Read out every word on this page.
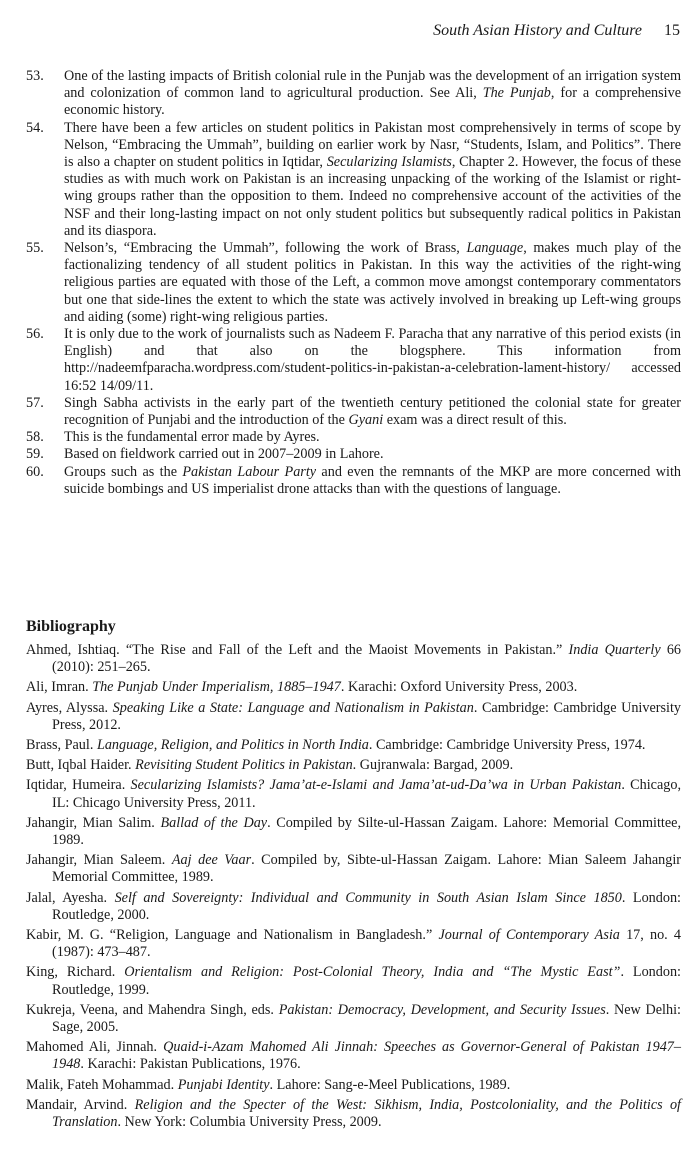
South Asian History and Culture 15
53.	One of the lasting impacts of British colonial rule in the Punjab was the development of an irrigation system and colonization of common land to agricultural production. See Ali, The Punjab, for a comprehensive economic history.
54.	There have been a few articles on student politics in Pakistan most comprehensively in terms of scope by Nelson, “Embracing the Ummah”, building on earlier work by Nasr, “Students, Islam, and Politics”. There is also a chapter on student politics in Iqtidar, Secularizing Islamists, Chapter 2. However, the focus of these studies as with much work on Pakistan is an increasing unpacking of the working of the Islamist or right-wing groups rather than the opposition to them. Indeed no comprehensive account of the activities of the NSF and their long-lasting impact on not only student politics but subsequently radical politics in Pakistan and its diaspora.
55.	Nelson’s, “Embracing the Ummah”, following the work of Brass, Language, makes much play of the factionalizing tendency of all student politics in Pakistan. In this way the activities of the right-wing religious parties are equated with those of the Left, a common move amongst contemporary commentators but one that side-lines the extent to which the state was actively involved in breaking up Left-wing groups and aiding (some) right-wing religious parties.
56.	It is only due to the work of journalists such as Nadeem F. Paracha that any narrative of this period exists (in English) and that also on the blogsphere. This information from http://nadeemfparacha.wordpress.com/student-politics-in-pakistan-a-celebration-lament-history/ accessed 16:52 14/09/11.
57.	Singh Sabha activists in the early part of the twentieth century petitioned the colonial state for greater recognition of Punjabi and the introduction of the Gyani exam was a direct result of this.
58.	This is the fundamental error made by Ayres.
59.	Based on fieldwork carried out in 2007–2009 in Lahore.
60.	Groups such as the Pakistan Labour Party and even the remnants of the MKP are more concerned with suicide bombings and US imperialist drone attacks than with the questions of language.
Bibliography
Ahmed, Ishtiaq. “The Rise and Fall of the Left and the Maoist Movements in Pakistan.” India Quarterly 66 (2010): 251–265.
Ali, Imran. The Punjab Under Imperialism, 1885–1947. Karachi: Oxford University Press, 2003.
Ayres, Alyssa. Speaking Like a State: Language and Nationalism in Pakistan. Cambridge: Cambridge University Press, 2012.
Brass, Paul. Language, Religion, and Politics in North India. Cambridge: Cambridge University Press, 1974.
Butt, Iqbal Haider. Revisiting Student Politics in Pakistan. Gujranwala: Bargad, 2009.
Iqtidar, Humeira. Secularizing Islamists? Jama’at-e-Islami and Jama’at-ud-Da’wa in Urban Pakistan. Chicago, IL: Chicago University Press, 2011.
Jahangir, Mian Salim. Ballad of the Day. Compiled by Silte-ul-Hassan Zaigam. Lahore: Memorial Committee, 1989.
Jahangir, Mian Saleem. Aaj dee Vaar. Compiled by, Sibte-ul-Hassan Zaigam. Lahore: Mian Saleem Jahangir Memorial Committee, 1989.
Jalal, Ayesha. Self and Sovereignty: Individual and Community in South Asian Islam Since 1850. London: Routledge, 2000.
Kabir, M. G. “Religion, Language and Nationalism in Bangladesh.” Journal of Contemporary Asia 17, no. 4 (1987): 473–487.
King, Richard. Orientalism and Religion: Post-Colonial Theory, India and “The Mystic East”. London: Routledge, 1999.
Kukreja, Veena, and Mahendra Singh, eds. Pakistan: Democracy, Development, and Security Issues. New Delhi: Sage, 2005.
Mahomed Ali, Jinnah. Quaid-i-Azam Mahomed Ali Jinnah: Speeches as Governor-General of Pakistan 1947–1948. Karachi: Pakistan Publications, 1976.
Malik, Fateh Mohammad. Punjabi Identity. Lahore: Sang-e-Meel Publications, 1989.
Mandair, Arvind. Religion and the Specter of the West: Sikhism, India, Postcoloniality, and the Politics of Translation. New York: Columbia University Press, 2009.
